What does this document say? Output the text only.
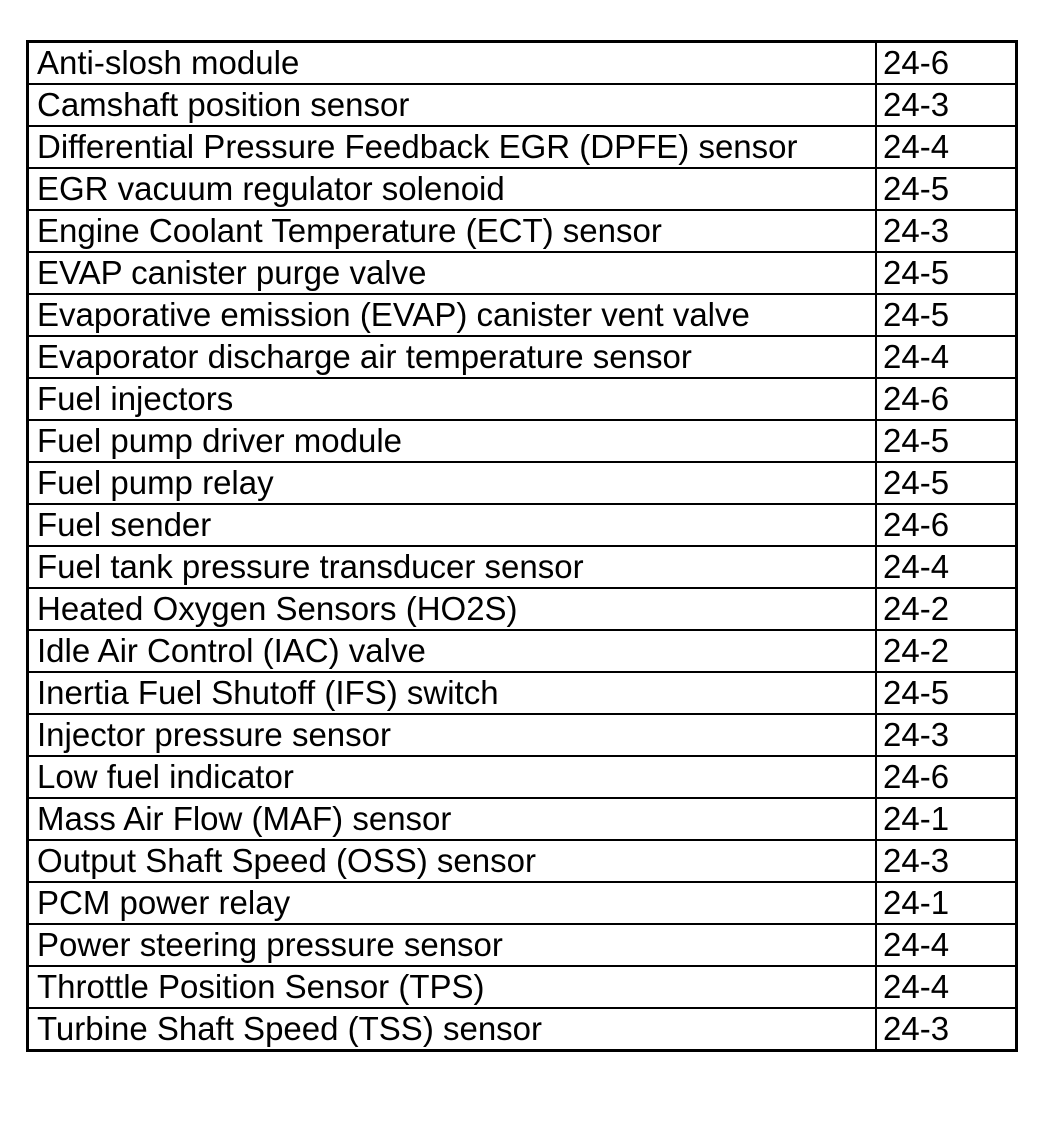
Anti-slosh module	24-6
Camshaft position sensor	24-3
Differential Pressure Feedback EGR (DPFE) sensor	24-4
EGR vacuum regulator solenoid	24-5
Engine Coolant Temperature (ECT) sensor	24-3
EVAP canister purge valve	24-5
Evaporative emission (EVAP) canister vent valve	24-5
Evaporator discharge air temperature sensor	24-4
Fuel injectors	24-6
Fuel pump driver module	24-5
Fuel pump relay	24-5
Fuel sender	24-6
Fuel tank pressure transducer sensor	24-4
Heated Oxygen Sensors (HO2S)	24-2
Idle Air Control (IAC) valve	24-2
Inertia Fuel Shutoff (IFS) switch	24-5
Injector pressure sensor	24-3
Low fuel indicator	24-6
Mass Air Flow (MAF) sensor	24-1
Output Shaft Speed (OSS) sensor	24-3
PCM power relay	24-1
Power steering pressure sensor	24-4
Throttle Position Sensor (TPS)	24-4
Turbine Shaft Speed (TSS) sensor	24-3
